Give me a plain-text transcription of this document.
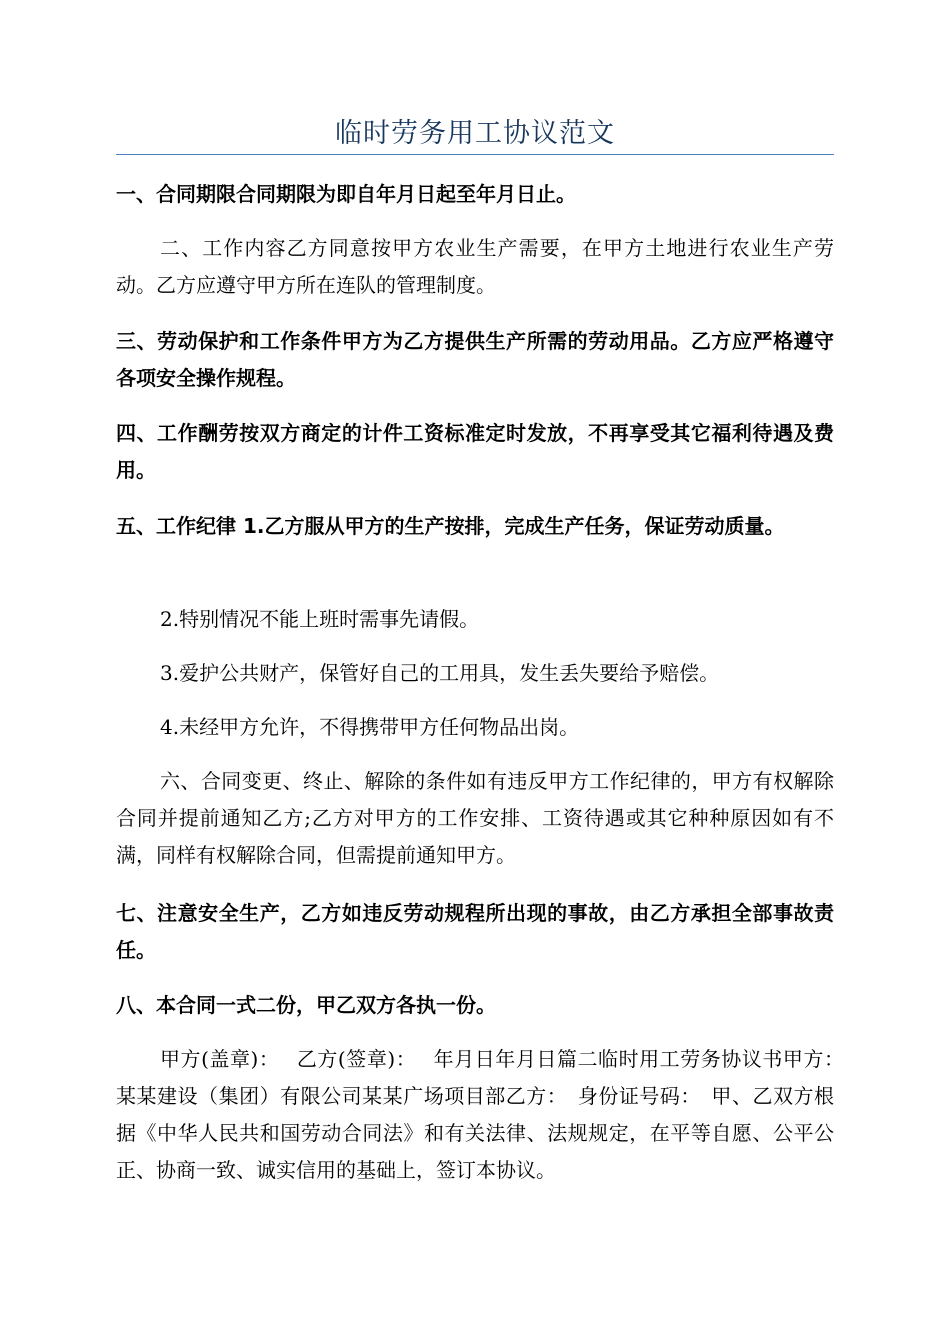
临时劳务用工协议范文

一、合同期限合同期限为即自年月日起至年月日止。

二、工作内容乙方同意按甲方农业生产需要，在甲方土地进行农业生产劳动。乙方应遵守甲方所在连队的管理制度。

三、劳动保护和工作条件甲方为乙方提供生产所需的劳动用品。乙方应严格遵守各项安全操作规程。

四、工作酬劳按双方商定的计件工资标准定时发放，不再享受其它福利待遇及费用。

五、工作纪律 1.乙方服从甲方的生产按排，完成生产任务，保证劳动质量。

2.特别情况不能上班时需事先请假。

3.爱护公共财产，保管好自己的工用具，发生丢失要给予赔偿。

4.未经甲方允许，不得携带甲方任何物品出岗。

六、合同变更、终止、解除的条件如有违反甲方工作纪律的，甲方有权解除合同并提前通知乙方;乙方对甲方的工作安排、工资待遇或其它种种原因如有不满，同样有权解除合同，但需提前通知甲方。

七、注意安全生产，乙方如违反劳动规程所出现的事故，由乙方承担全部事故责任。

八、本合同一式二份，甲乙双方各执一份。

甲方(盖章)：　 乙方(签章)：　 年月日年月日篇二临时用工劳务协议书甲方：　某某建设（集团）有限公司某某广场项目部乙方：　身份证号码：　甲、乙双方根据《中华人民共和国劳动合同法》和有关法律、法规规定，在平等自愿、公平公正、协商一致、诚实信用的基础上，签订本协议。
